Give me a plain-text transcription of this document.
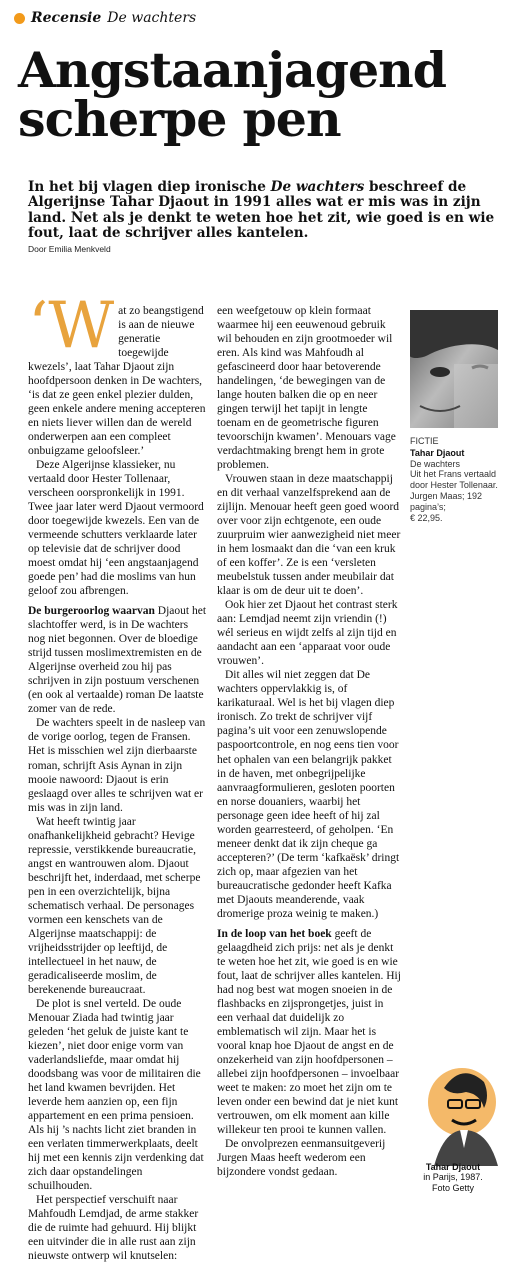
Recensie De wachters
Angstaanjagend
scherpe pen

In het bij vlagen diep ironische De wachters beschreef de Algerijnse Tahar Djaout in 1991 alles wat er mis was in zijn land. Net als je denkt te weten hoe het zit, wie goed is en wie fout, laat de schrijver alles kantelen.

Door Emilia Menkveld

‘Wat zo beangstigend is aan de nieuwe generatie toegewijde kwezels’, laat Tahar Djaout zijn hoofdpersoon denken in De wachters, ‘is dat ze geen enkel plezier dulden, geen enkele andere mening accepteren en niets liever willen dan de wereld onderwerpen aan een compleet onbuigzame geloofsleer.’

Deze Algerijnse klassieker, nu vertaald door Hester Tollenaar, verscheen oorspronkelijk in 1991. Twee jaar later werd Djaout vermoord door toegewijde kwezels. Een van de vermeende schutters verklaarde later op televisie dat de schrijver dood moest omdat hij ‘een angstaanjagend goede pen’ had die moslims van hun geloof zou afbrengen.

De burgeroorlog waarvan Djaout het slachtoffer werd, is in De wachters nog niet begonnen. Over de bloedige strijd tussen moslimextremisten en de Algerijnse overheid zou hij pas schrijven in zijn postuum verschenen (en ook al vertaalde) roman De laatste zomer van de rede.

De wachters speelt in de nasleep van de vorige oorlog, tegen de Fransen. Het is misschien wel zijn dierbaarste roman, schrijft Asis Aynan in zijn mooie nawoord: Djaout is erin geslaagd over alles te schrijven wat er mis was in zijn land.

Wat heeft twintig jaar onafhankelijkheid gebracht? Hevige repressie, verstikkende bureaucratie, angst en wantrouwen alom. Djaout beschrijft het, inderdaad, met scherpe pen in een overzichtelijk, bijna schematisch verhaal. De personages vormen een kenschets van de Algerijnse maatschappij: de vrijheidsstrijder op leeftijd, de intellectueel in het nauw, de geradicaliseerde moslim, de berekenende bureaucraat.

De plot is snel verteld. De oude Menouar Ziada had twintig jaar geleden ‘het geluk de juiste kant te kiezen’, niet door enige vorm van vaderlandsliefde, maar omdat hij doodsbang was voor de militairen die het land kwamen bevrijden. Het leverde hem aanzien op, een fijn appartement en een prima pensioen. Als hij ’s nachts licht ziet branden in een verlaten timmerwerkplaats, deelt hij met een kennis zijn verdenking dat zich daar opstandelingen schuilhouden.

Het perspectief verschuift naar Mahfoudh Lemdjad, de arme stakker die de ruimte had gehuurd. Hij blijkt een uitvinder die in alle rust aan zijn nieuwste ontwerp wil knutselen:

een weefgetouw op klein formaat waarmee hij een eeuwenoud gebruik wil behouden en zijn grootmoeder wil eren. Als kind was Mahfoudh al gefascineerd door haar betoverende handelingen, ‘de bewegingen van de lange houten balken die op en neer gingen terwijl het tapijt in lengte toenam en de geometrische figuren tevoorschijn kwamen’. Menouars vage verdachtmaking brengt hem in grote problemen.

Vrouwen staan in deze maatschappij en dit verhaal vanzelfsprekend aan de zijlijn. Menouar heeft geen goed woord over voor zijn echtgenote, een oude zuurpruim wier aanwezigheid niet meer in hem losmaakt dan die ‘van een kruk of een koffer’. Ze is een ‘versleten meubelstuk tussen ander meubilair dat klaar is om de deur uit te doen’.

Ook hier zet Djaout het contrast sterk aan: Lemdjad neemt zijn vriendin (!) wél serieus en wijdt zelfs al zijn tijd en aandacht aan een ‘apparaat voor oude vrouwen’.

Dit alles wil niet zeggen dat De wachters oppervlakkig is, of karikaturaal. Wel is het bij vlagen diep ironisch. Zo trekt de schrijver vijf pagina’s uit voor een zenuwslopende paspoortcontrole, en nog eens tien voor het ophalen van een belangrijk pakket in de haven, met onbegrijpelijke aanvraagformulieren, gesloten poorten en norse douaniers, waarbij het personage geen idee heeft of hij zal worden gearresteerd, of geholpen. ‘En meneer denkt dat ik zijn cheque ga accepteren?’ (De term ‘kafkaësk’ dringt zich op, maar afgezien van het bureaucratische gedonder heeft Kafka met Djaouts meanderende, vaak dromerige proza weinig te maken.)

In de loop van het boek geeft de gelaagdheid zich prijs: net als je denkt te weten hoe het zit, wie goed is en wie fout, laat de schrijver alles kantelen. Hij had nog best wat mogen snoeien in de flashbacks en zijsprongetjes, juist in een verhaal dat duidelijk zo emblematisch wil zijn. Maar het is vooral knap hoe Djaout de angst en de onzekerheid van zijn hoofdpersonen – allebei zijn hoofdpersonen – invoelbaar weet te maken: zo moet het zijn om te leven onder een bewind dat je niet kunt vertrouwen, om elk moment aan kille willekeur ten prooi te kunnen vallen.

De onvolprezen eenmansuitgeverij Jurgen Maas heeft wederom een bijzondere vondst gedaan.

FICTIE
Tahar Djaout
De wachters
Uit het Frans vertaald door Hester Tollenaar.
Jurgen Maas; 192 pagina’s;
€ 22,95.
Tahar Djaout
in Parijs, 1987.
Foto Getty
